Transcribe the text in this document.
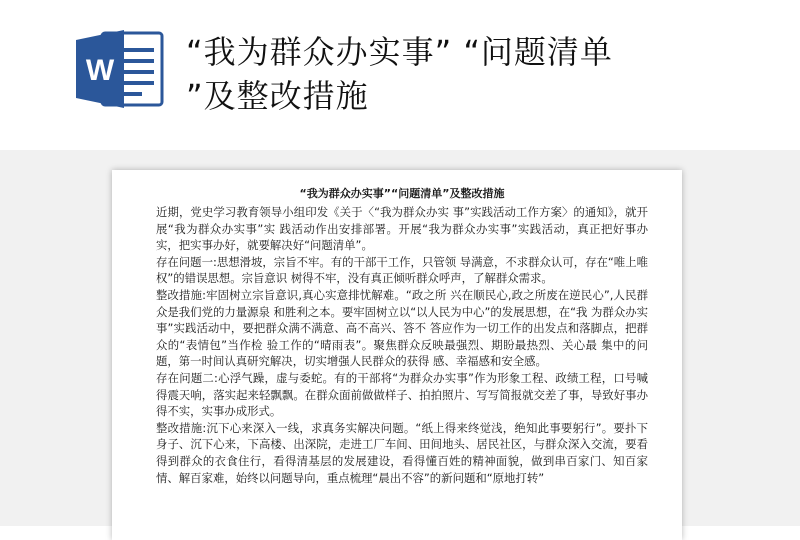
W “我为群众办实事” “问题清单
”及整改措施

“我为群众办实事”“问题清单”及整改措施

近期，党史学习教育领导小组印发《关于〈“我为群众办实 事”实践活动工作方案〉的通知》，就开展“我为群众办实事”实 践活动作出安排部署。开展“我为群众办实事”实践活动，真正把好事办实，把实事办好，就要解决好“问题清单”。

存在问题一:思想滑坡，宗旨不牢。有的干部干工作，只管领 导满意，不求群众认可，存在“唯上唯权”的错误思想。宗旨意识 树得不牢，没有真正倾听群众呼声，了解群众需求。

整改措施:牢固树立宗旨意识,真心实意排忧解难。“政之所 兴在顺民心,政之所废在逆民心”,人民群众是我们党的力量源泉 和胜利之本。要牢固树立以“以人民为中心”的发展思想，在“我 为群众办实事”实践活动中，要把群众满不满意、高不高兴、答不 答应作为一切工作的出发点和落脚点，把群众的“表情包”当作检 验工作的“晴雨表”。聚焦群众反映最强烈、期盼最热烈、关心最 集中的问题，第一时间认真研究解决，切实增强人民群众的获得 感、幸福感和安全感。

存在问题二:心浮气躁，虚与委蛇。有的干部将“为群众办实事”作为形象工程、政绩工程，口号喊得震天响，落实起来轻飘飘。在群众面前做做样子、拍拍照片、写写简报就交差了事，导致好事办得不实，实事办成形式。

整改措施:沉下心来深入一线，求真务实解决问题。“纸上得来终觉浅，绝知此事要躬行”。要扑下身子、沉下心来，下高楼、出深院，走进工厂车间、田间地头、居民社区，与群众深入交流，要看得到群众的衣食住行，看得清基层的发展建设，看得懂百姓的精神面貌，做到串百家门、知百家情、解百家难，始终以问题导向，重点梳理“晨出不容”的新问题和“原地打转”
